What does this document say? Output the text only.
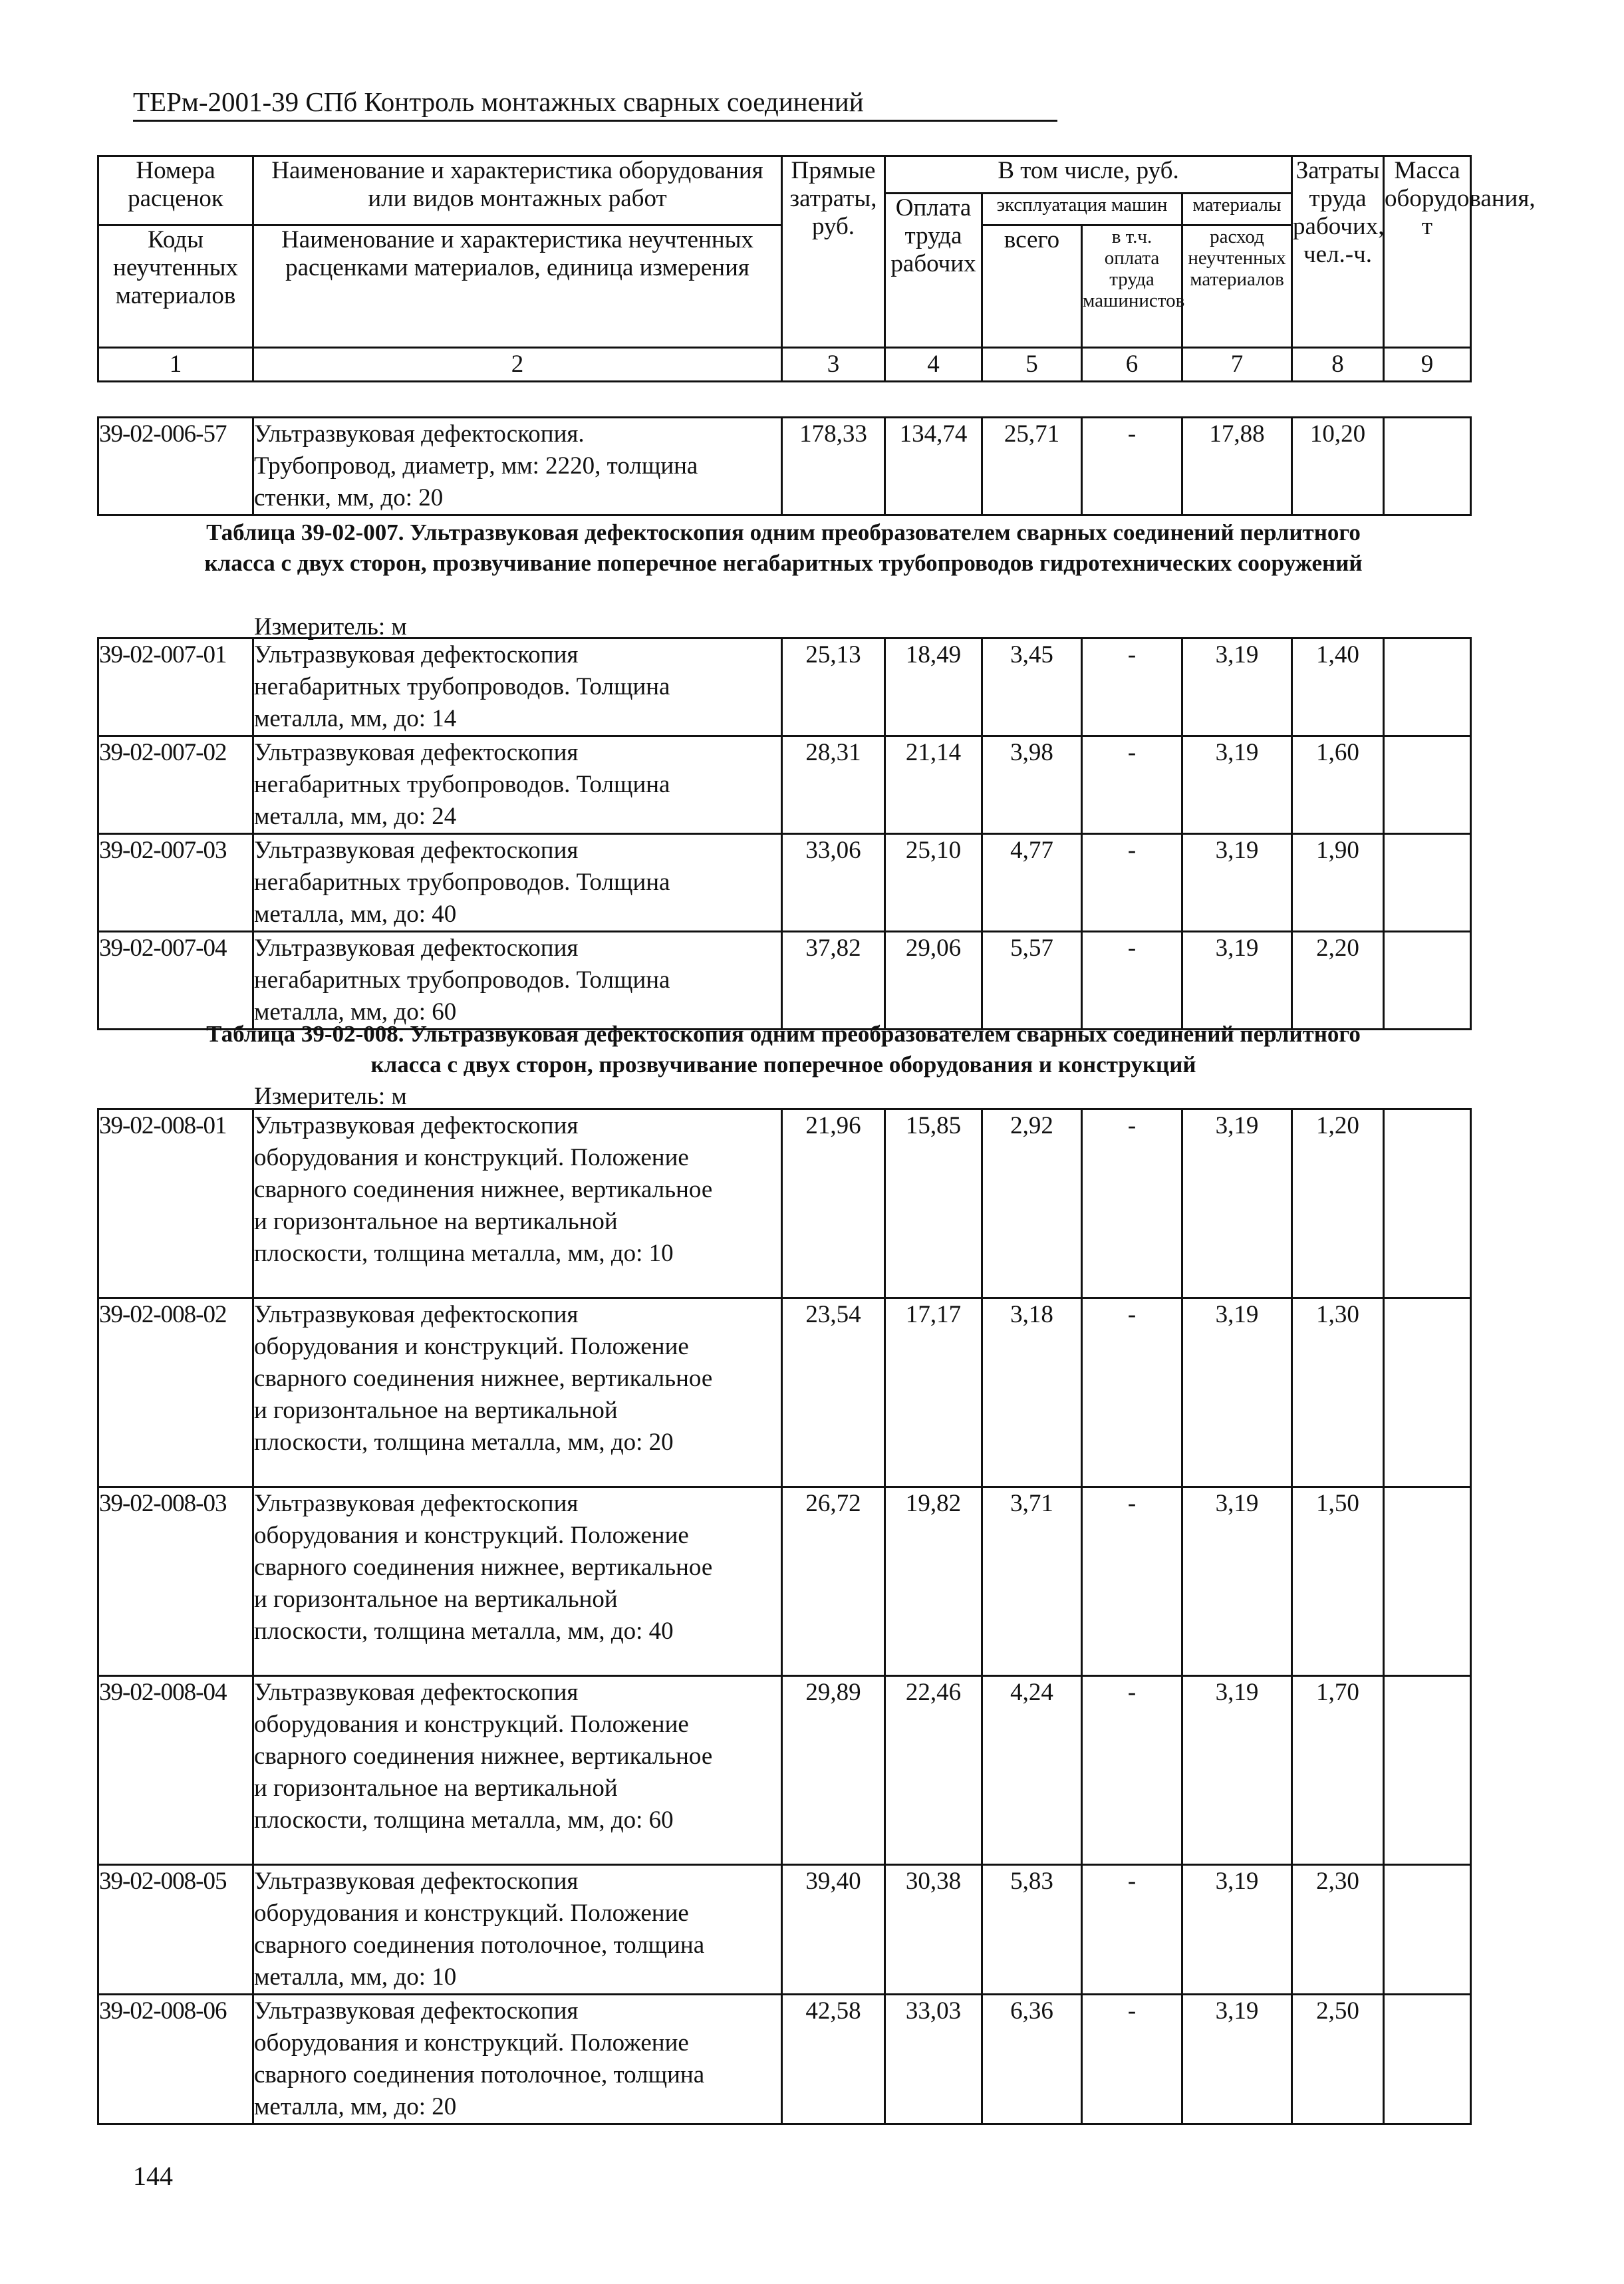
ТЕРм-2001-39 СПб Контроль монтажных сварных соединений
Номера расценок	Наименование и характеристика оборудования или видов монтажных работ	Прямые затраты, руб.	В том числе, руб.				Затраты труда рабочих, чел.-ч.	Масса оборудования, т
			Оплата труда рабочих	эксплуатация машин		материалы		
Коды неучтенных материалов	Наименование и характеристика неучтенных расценками материалов, единица измерения			всего	в т.ч. оплата труда машинистов	расход неучтенных материалов		

1	2	3	4	5	6	7	8	9
39-02-006-57	Ультразвуковая дефектоскопия.
Трубопровод, диаметр, мм: 2220, толщина
стенки, мм, до: 20	178,33	134,74	25,71	-	17,88	10,20	
Таблица 39-02-007. Ультразвуковая дефектоскопия одним преобразователем сварных соединений перлитного
класса с двух сторон, прозвучивание поперечное негабаритных трубопроводов гидротехнических сооружений
Измеритель: м
39-02-007-01	Ультразвуковая дефектоскопия
негабаритных трубопроводов. Толщина
металла, мм, до: 14	25,13	18,49	3,45	-	3,19	1,40	
39-02-007-02	Ультразвуковая дефектоскопия
негабаритных трубопроводов. Толщина
металла, мм, до: 24	28,31	21,14	3,98	-	3,19	1,60	
39-02-007-03	Ультразвуковая дефектоскопия
негабаритных трубопроводов. Толщина
металла, мм, до: 40	33,06	25,10	4,77	-	3,19	1,90	
39-02-007-04	Ультразвуковая дефектоскопия
негабаритных трубопроводов. Толщина
металла, мм, до: 60	37,82	29,06	5,57	-	3,19	2,20	
Таблица 39-02-008. Ультразвуковая дефектоскопия одним преобразователем сварных соединений перлитного
класса с двух сторон, прозвучивание поперечное оборудования и конструкций
Измеритель: м
39-02-008-01	Ультразвуковая дефектоскопия
оборудования и конструкций. Положение
сварного соединения нижнее, вертикальное
и горизонтальное на вертикальной
плоскости, толщина металла, мм, до: 10	21,96	15,85	2,92	-	3,19	1,20	
39-02-008-02	Ультразвуковая дефектоскопия
оборудования и конструкций. Положение
сварного соединения нижнее, вертикальное
и горизонтальное на вертикальной
плоскости, толщина металла, мм, до: 20	23,54	17,17	3,18	-	3,19	1,30	
39-02-008-03	Ультразвуковая дефектоскопия
оборудования и конструкций. Положение
сварного соединения нижнее, вертикальное
и горизонтальное на вертикальной
плоскости, толщина металла, мм, до: 40	26,72	19,82	3,71	-	3,19	1,50	
39-02-008-04	Ультразвуковая дефектоскопия
оборудования и конструкций. Положение
сварного соединения нижнее, вертикальное
и горизонтальное на вертикальной
плоскости, толщина металла, мм, до: 60	29,89	22,46	4,24	-	3,19	1,70	
39-02-008-05	Ультразвуковая дефектоскопия
оборудования и конструкций. Положение
сварного соединения потолочное, толщина
металла, мм, до: 10	39,40	30,38	5,83	-	3,19	2,30	
39-02-008-06	Ультразвуковая дефектоскопия
оборудования и конструкций. Положение
сварного соединения потолочное, толщина
металла, мм, до: 20	42,58	33,03	6,36	-	3,19	2,50	
144
